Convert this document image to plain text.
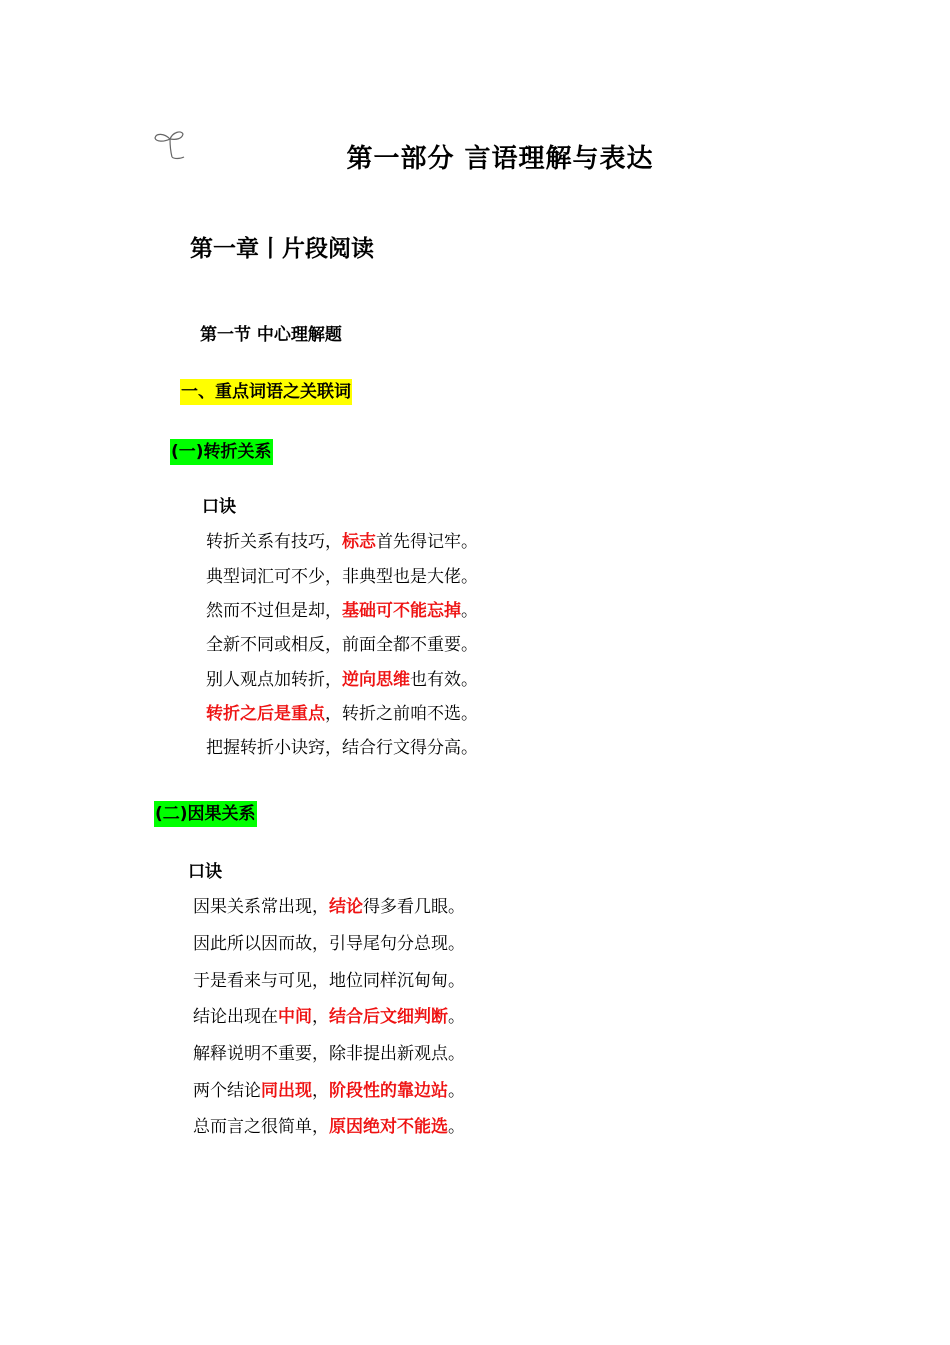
第一部分 言语理解与表达
第一章丨片段阅读
第一节 中心理解题
一、重点词语之关联词
(一)转折关系
口诀
转折关系有技巧，标志首先得记牢。
典型词汇可不少，非典型也是大佬。
然而不过但是却，基础可不能忘掉。
全新不同或相反，前面全都不重要。
别人观点加转折，逆向思维也有效。
转折之后是重点，转折之前咱不选。
把握转折小诀窍，结合行文得分高。
(二)因果关系
口诀
因果关系常出现，结论得多看几眼。
因此所以因而故，引导尾句分总现。
于是看来与可见，地位同样沉甸甸。
结论出现在中间，结合后文细判断。
解释说明不重要，除非提出新观点。
两个结论同出现，阶段性的靠边站。
总而言之很简单，原因绝对不能选。
